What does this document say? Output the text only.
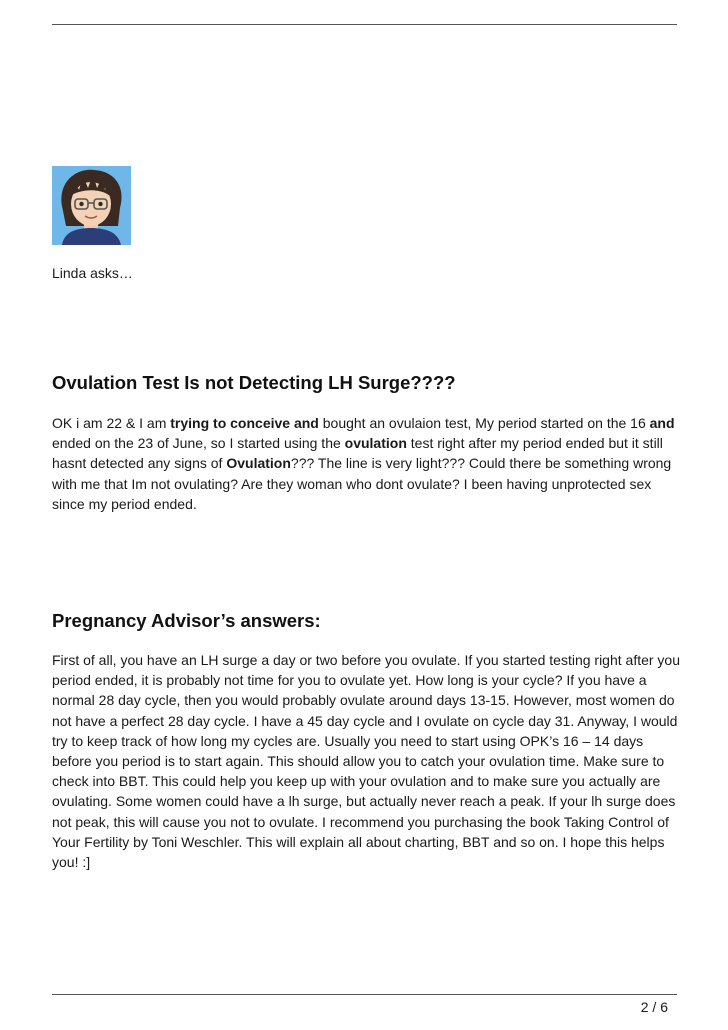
Linda asks…
Ovulation Test Is not Detecting LH Surge????

OK i am 22 & I am trying to conceive and bought an ovulaion test, My period started on the 16 and ended on the 23 of June, so I started using the ovulation test right after my period ended but it still hasnt detected any signs of Ovulation??? The line is very light??? Could there be something wrong with me that Im not ovulating? Are they woman who dont ovulate? I been having unprotected sex since my period ended.

Pregnancy Advisor’s answers:

First of all, you have an LH surge a day or two before you ovulate. If you started testing right after you period ended, it is probably not time for you to ovulate yet. How long is your cycle? If you have a normal 28 day cycle, then you would probably ovulate around days 13-15. However, most women do not have a perfect 28 day cycle. I have a 45 day cycle and I ovulate on cycle day 31. Anyway, I would try to keep track of how long my cycles are. Usually you need to start using OPK’s 16 – 14 days before you period is to start again. This should allow you to catch your ovulation time. Make sure to check into BBT. This could help you keep up with your ovulation and to make sure you actually are ovulating. Some women could have a lh surge, but actually never reach a peak. If your lh surge does not peak, this will cause you not to ovulate. I recommend you purchasing the book Taking Control of Your Fertility by Toni Weschler. This will explain all about charting, BBT and so on. I hope this helps you! :]

2 / 6
